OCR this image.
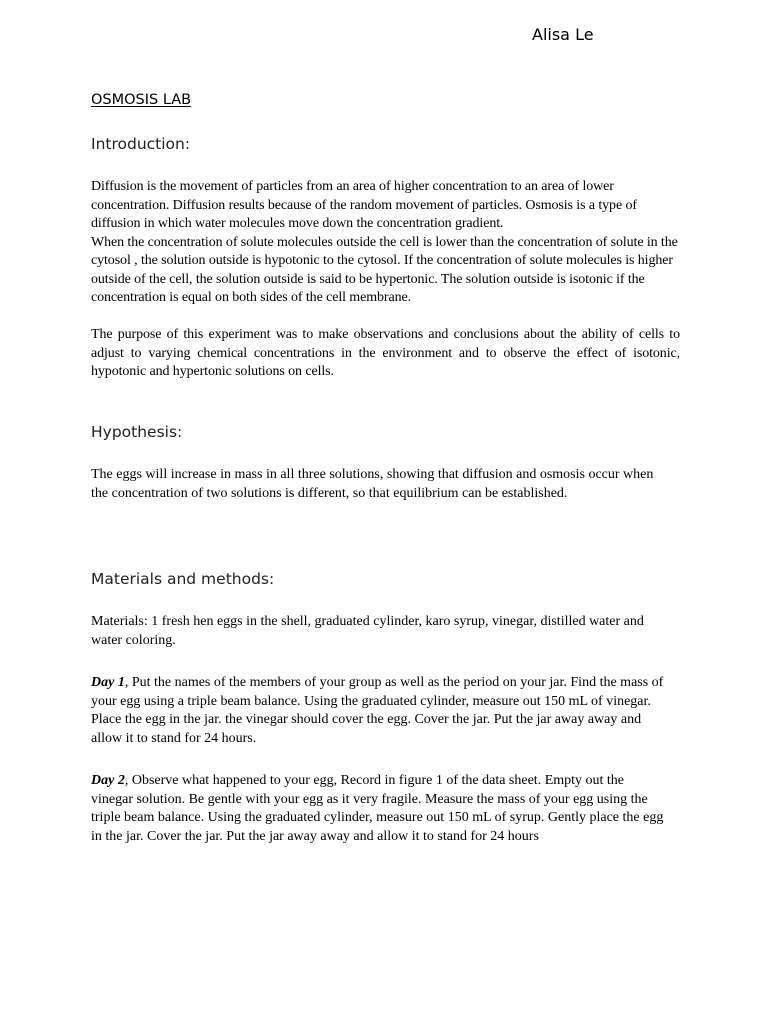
Alisa Le
OSMOSIS LAB
Introduction:

Diffusion is the movement of particles from an area of higher concentration to an area of lower concentration. Diffusion results because of the random movement of particles. Osmosis is a type of diffusion in which water molecules move down the concentration gradient.

When the concentration of solute molecules outside the cell is lower than the concentration of solute in the cytosol , the solution outside is hypotonic to the cytosol. If the concentration of solute molecules is higher outside of the cell, the solution outside is said to be hypertonic. The solution outside is isotonic if the concentration is equal on both sides of the cell membrane.

The purpose of this experiment was to make observations and conclusions about the ability of cells to adjust to varying chemical concentrations in the environment and to observe the effect of isotonic, hypotonic and hypertonic solutions on cells.
Hypothesis:
The eggs will increase in mass in all three solutions, showing that diffusion and osmosis occur when the concentration of two solutions is different, so that equilibrium can be established.
Materials and methods:
Materials: 1 fresh hen eggs in the shell, graduated cylinder, karo syrup, vinegar, distilled water and water coloring.
Day 1, Put the names of the members of your group as well as the period on your jar. Find the mass of your egg using a triple beam balance. Using the graduated cylinder, measure out 150 mL of vinegar. Place the egg in the jar. the vinegar should cover the egg. Cover the jar. Put the jar away away and allow it to stand for 24 hours.
Day 2, Observe what happened to your egg, Record in figure 1 of the data sheet. Empty out the vinegar solution. Be gentle with your egg as it very fragile. Measure the mass of your egg using the triple beam balance. Using the graduated cylinder, measure out 150 mL of syrup. Gently place the egg in the jar. Cover the jar. Put the jar away away and allow it to stand for 24 hours
